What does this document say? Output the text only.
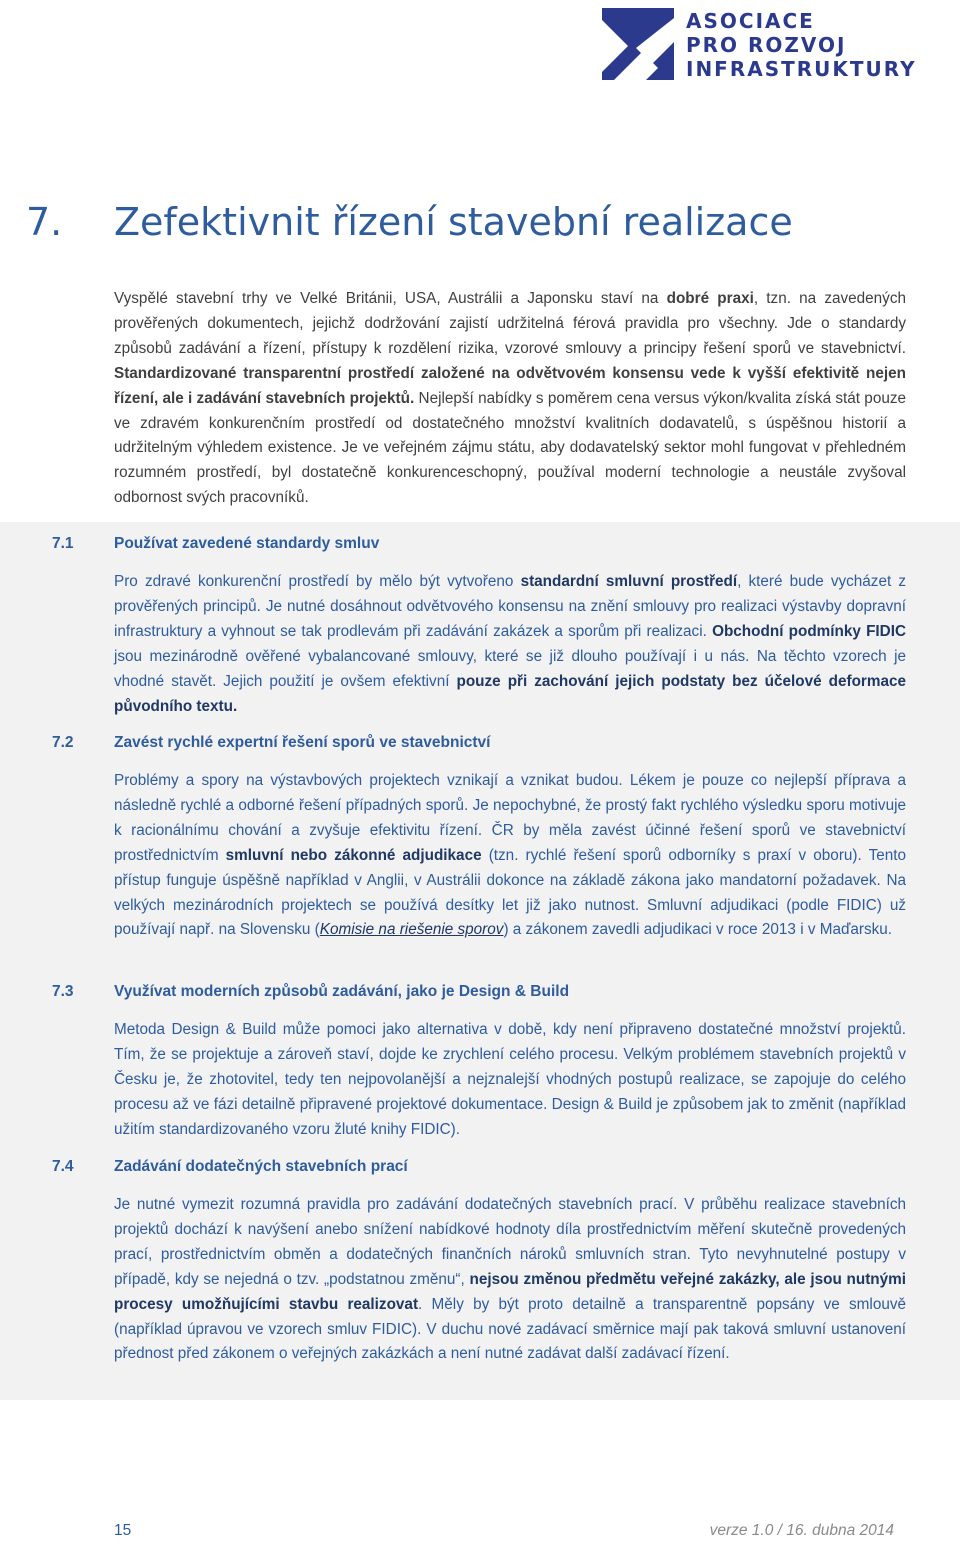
ASOCIACE
PRO ROZVOJ
INFRASTRUKTURY
7. Zefektivnit řízení stavební realizace

Vyspělé stavební trhy ve Velké Británii, USA, Austrálii a Japonsku staví na dobré praxi, tzn. na zavedených prověřených dokumentech, jejichž dodržování zajistí udržitelná férová pravidla pro všechny. Jde o standardy způsobů zadávání a řízení, přístupy k rozdělení rizika, vzorové smlouvy a principy řešení sporů ve stavebnictví. Standardizované transparentní prostředí založené na odvětvovém konsensu vede k vyšší efektivitě nejen řízení, ale i zadávání stavebních projektů. Nejlepší nabídky s poměrem cena versus výkon/kvalita získá stát pouze ve zdravém konkurenčním prostředí od dostatečného množství kvalitních dodavatelů, s úspěšnou historií a udržitelným výhledem existence. Je ve veřejném zájmu státu, aby dodavatelský sektor mohl fungovat v přehledném rozumném prostředí, byl dostatečně konkurenceschopný, používal moderní technologie a neustále zvyšoval odbornost svých pracovníků.

7.1	Používat zavedené standardy smluv

Pro zdravé konkurenční prostředí by mělo být vytvořeno standardní smluvní prostředí, které bude vycházet z prověřených principů. Je nutné dosáhnout odvětvového konsensu na znění smlouvy pro realizaci výstavby dopravní infrastruktury a vyhnout se tak prodlevám při zadávání zakázek a sporům při realizaci. Obchodní podmínky FIDIC jsou mezinárodně ověřené vybalancované smlouvy, které se již dlouho používají i u nás. Na těchto vzorech je vhodné stavět. Jejich použití je ovšem efektivní pouze při zachování jejich podstaty bez účelové deformace původního textu.

7.2	Zavést rychlé expertní řešení sporů ve stavebnictví

Problémy a spory na výstavbových projektech vznikají a vznikat budou. Lékem je pouze co nejlepší příprava a následně rychlé a odborné řešení případných sporů. Je nepochybné, že prostý fakt rychlého výsledku sporu motivuje k racionálnímu chování a zvyšuje efektivitu řízení. ČR by měla zavést účinné řešení sporů ve stavebnictví prostřednictvím smluvní nebo zákonné adjudikace (tzn. rychlé řešení sporů odborníky s praxí v oboru). Tento přístup funguje úspěšně například v Anglii, v Austrálii dokonce na základě zákona jako mandatorní požadavek. Na velkých mezinárodních projektech se používá desítky let již jako nutnost. Smluvní adjudikaci (podle FIDIC) už používají např. na Slovensku (Komisie na riešenie sporov) a zákonem zavedli adjudikaci v roce 2013 i v Maďarsku.

7.3	Využívat moderních způsobů zadávání, jako je Design & Build

Metoda Design & Build může pomoci jako alternativa v době, kdy není připraveno dostatečné množství projektů. Tím, že se projektuje a zároveň staví, dojde ke zrychlení celého procesu. Velkým problémem stavebních projektů v Česku je, že zhotovitel, tedy ten nejpovolanější a nejznalejší vhodných postupů realizace, se zapojuje do celého procesu až ve fázi detailně připravené projektové dokumentace. Design & Build je způsobem jak to změnit (například užitím standardizovaného vzoru žluté knihy FIDIC).

7.4	Zadávání dodatečných stavebních prací

Je nutné vymezit rozumná pravidla pro zadávání dodatečných stavebních prací. V průběhu realizace stavebních projektů dochází k navýšení anebo snížení nabídkové hodnoty díla prostřednictvím měření skutečně provedených prací, prostřednictvím obměn a dodatečných finančních nároků smluvních stran. Tyto nevyhnutelné postupy v případě, kdy se nejedná o tzv. „podstatnou změnu“, nejsou změnou předmětu veřejné zakázky, ale jsou nutnými procesy umožňujícími stavbu realizovat. Měly by být proto detailně a transparentně popsány ve smlouvě (například úpravou ve vzorech smluv FIDIC). V duchu nové zadávací směrnice mají pak taková smluvní ustanovení přednost před zákonem o veřejných zakázkách a není nutné zadávat další zadávací řízení.

15	verze 1.0 / 16. dubna 2014
